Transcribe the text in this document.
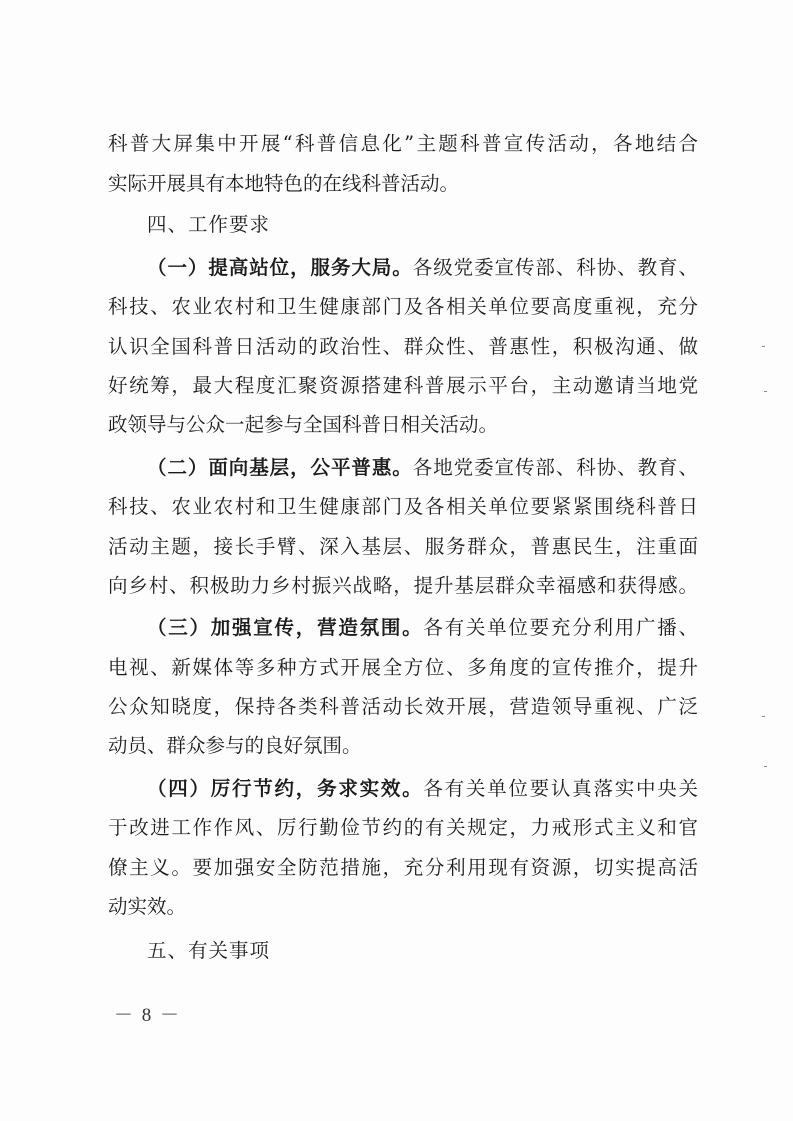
科普大屏集中开展“科普信息化”主题科普宣传活动，各地结合
实际开展具有本地特色的在线科普活动。
四、工作要求
（一）提高站位，服务大局。各级党委宣传部、科协、教育、
科技、农业农村和卫生健康部门及各相关单位要高度重视，充分
认识全国科普日活动的政治性、群众性、普惠性，积极沟通、做
好统筹，最大程度汇聚资源搭建科普展示平台，主动邀请当地党
政领导与公众一起参与全国科普日相关活动。
（二）面向基层，公平普惠。各地党委宣传部、科协、教育、
科技、农业农村和卫生健康部门及各相关单位要紧紧围绕科普日
活动主题，接长手臂、深入基层、服务群众，普惠民生，注重面
向乡村、积极助力乡村振兴战略，提升基层群众幸福感和获得感。
（三）加强宣传，营造氛围。各有关单位要充分利用广播、
电视、新媒体等多种方式开展全方位、多角度的宣传推介，提升
公众知晓度，保持各类科普活动长效开展，营造领导重视、广泛
动员、群众参与的良好氛围。
（四）厉行节约，务求实效。各有关单位要认真落实中央关
于改进工作作风、厉行勤俭节约的有关规定，力戒形式主义和官
僚主义。要加强安全防范措施，充分利用现有资源，切实提高活
动实效。
五、有关事项
－ 8 －
